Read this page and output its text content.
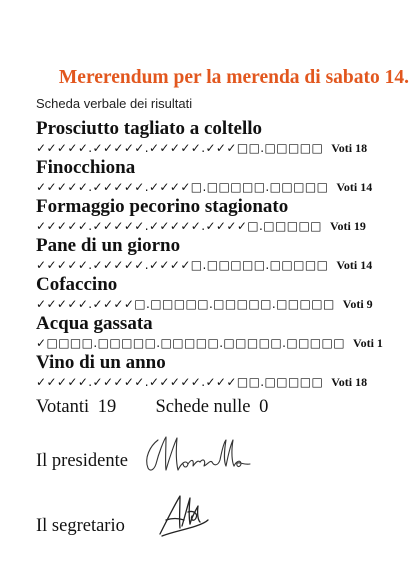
Mererendum per la merenda di sabato 14.
Scheda verbale dei risultati
Prosciutto tagliato a coltello
✓✓✓✓✓.✓✓✓✓✓.✓✓✓✓✓.✓✓✓□□.□□□□□ Voti 18
Finocchiona
✓✓✓✓✓.✓✓✓✓✓.✓✓✓✓□.□□□□□.□□□□□ Voti 14
Formaggio pecorino stagionato
✓✓✓✓✓.✓✓✓✓✓.✓✓✓✓✓.✓✓✓✓□.□□□□□ Voti 19
Pane di un giorno
✓✓✓✓✓.✓✓✓✓✓.✓✓✓✓□.□□□□□.□□□□□ Voti 14
Cofaccino
✓✓✓✓✓.✓✓✓✓□.□□□□□.□□□□□.□□□□□ Voti 9
Acqua gassata
✓□□□□.□□□□□.□□□□□.□□□□□.□□□□□ Voti 1
Vino di un anno
✓✓✓✓✓.✓✓✓✓✓.✓✓✓✓✓.✓✓✓□□.□□□□□ Voti 18
Votanti 19 Schede nulle 0
Il presidente
Il segretario
